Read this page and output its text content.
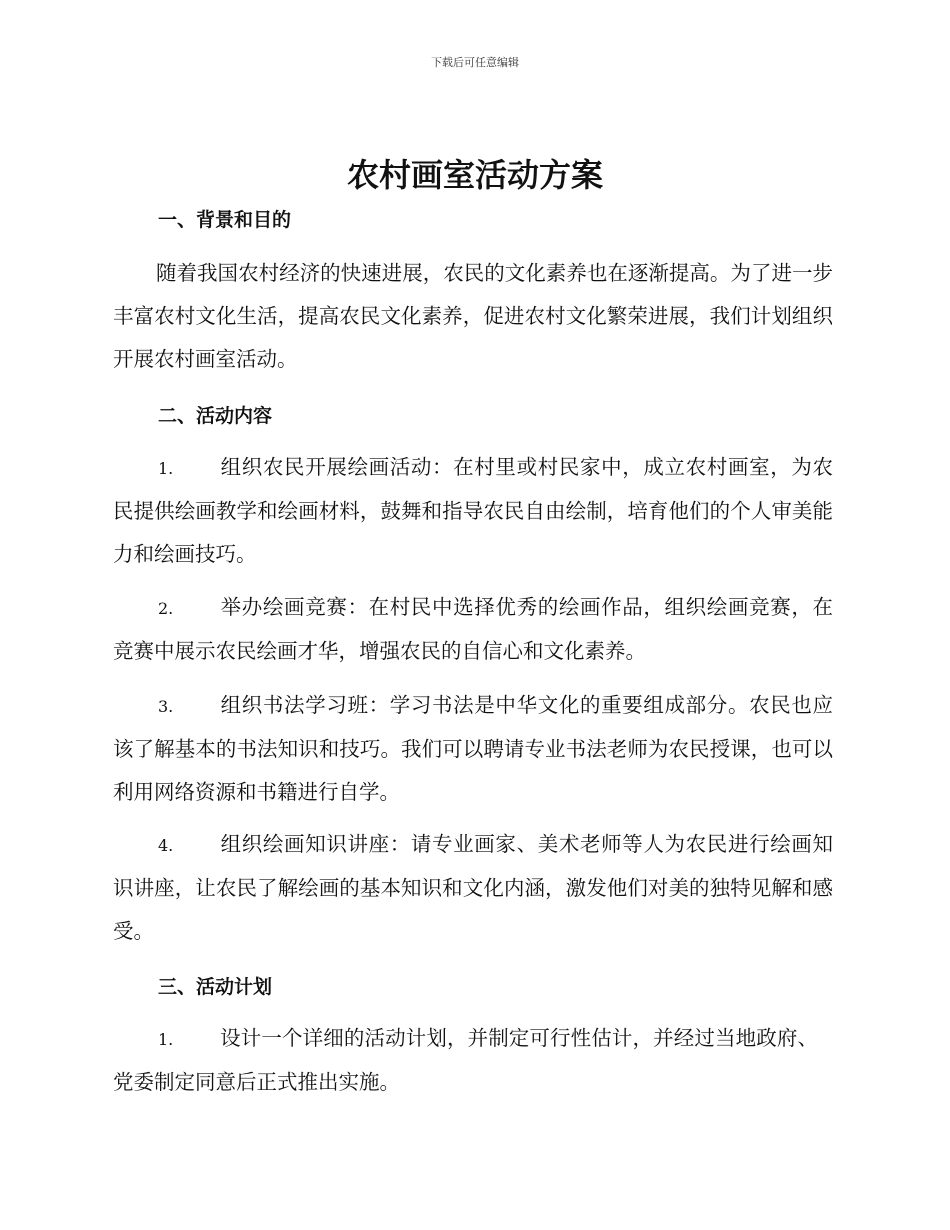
下载后可任意编辑
农村画室活动方案
一、背景和目的

随着我国农村经济的快速进展，农民的文化素养也在逐渐提高。为了进一步丰富农村文化生活，提高农民文化素养，促进农村文化繁荣进展，我们计划组织开展农村画室活动。

二、活动内容

1. 组织农民开展绘画活动：在村里或村民家中，成立农村画室，为农民提供绘画教学和绘画材料，鼓舞和指导农民自由绘制，培育他们的个人审美能力和绘画技巧。

2. 举办绘画竞赛：在村民中选择优秀的绘画作品，组织绘画竞赛，在竞赛中展示农民绘画才华，增强农民的自信心和文化素养。

3. 组织书法学习班：学习书法是中华文化的重要组成部分。农民也应该了解基本的书法知识和技巧。我们可以聘请专业书法老师为农民授课，也可以利用网络资源和书籍进行自学。

4. 组织绘画知识讲座：请专业画家、美术老师等人为农民进行绘画知识讲座，让农民了解绘画的基本知识和文化内涵，激发他们对美的独特见解和感受。

三、活动计划

1. 设计一个详细的活动计划，并制定可行性估计，并经过当地政府、党委制定同意后正式推出实施。
